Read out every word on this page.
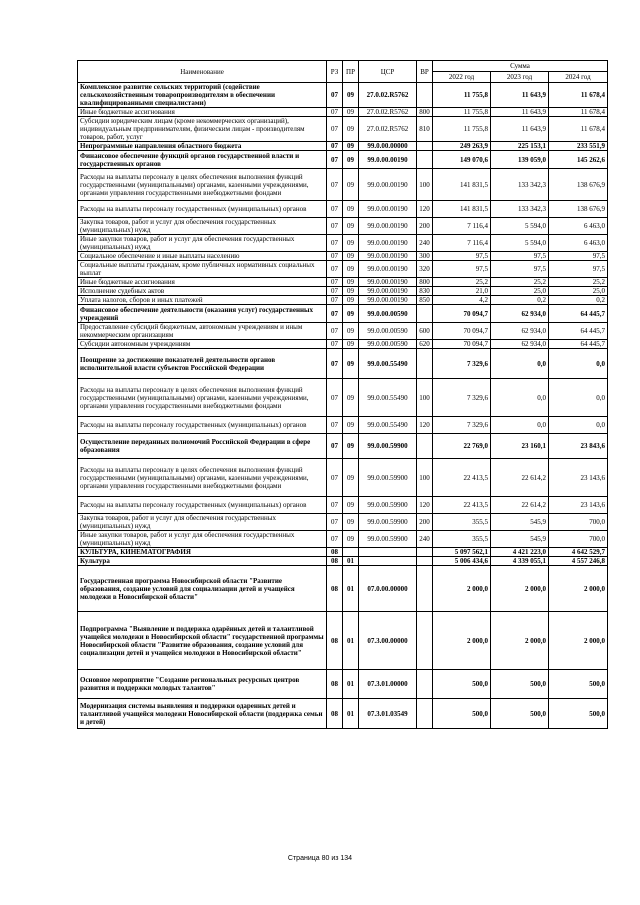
Наименование	РЗ	ПР	ЦСР	ВР	Сумма		
					2022 год	2023 год	2024 год
Комплексное развитие сельских территорий (содействие сельскохозяйственным товаропроизводителям в обеспечении квалифицированными специалистами)	07	09	27.0.02.R5762		11 755,8	11 643,9	11 678,4
Иные бюджетные ассигнования	07	09	27.0.02.R5762	800	11 755,8	11 643,9	11 678,4
Субсидии юридическим лицам (кроме некоммерческих организаций), индивидуальным предпринимателям, физическим лицам - производителям товаров, работ, услуг	07	09	27.0.02.R5762	810	11 755,8	11 643,9	11 678,4
Непрограммные направления областного бюджета	07	09	99.0.00.00000		249 263,9	225 153,1	233 551,9
Финансовое обеспечение функций органов государственной власти и государственных органов	07	09	99.0.00.00190		149 070,6	139 059,0	145 262,6
Расходы на выплаты персоналу в целях обеспечения выполнения функций государственными (муниципальными) органами, казенными учреждениями, органами управления государственными внебюджетными фондами	07	09	99.0.00.00190	100	141 831,5	133 342,3	138 676,9
Расходы на выплаты персоналу государственных (муниципальных) органов	07	09	99.0.00.00190	120	141 831,5	133 342,3	138 676,9
Закупка товаров, работ и услуг для обеспечения государственных (муниципальных) нужд	07	09	99.0.00.00190	200	7 116,4	5 594,0	6 463,0
Иные закупки товаров, работ и услуг для обеспечения государственных (муниципальных) нужд	07	09	99.0.00.00190	240	7 116,4	5 594,0	6 463,0
Социальное обеспечение и иные выплаты населению	07	09	99.0.00.00190	300	97,5	97,5	97,5
Социальные выплаты гражданам, кроме публичных нормативных социальных выплат	07	09	99.0.00.00190	320	97,5	97,5	97,5
Иные бюджетные ассигнования	07	09	99.0.00.00190	800	25,2	25,2	25,2
Исполнение судебных актов	07	09	99.0.00.00190	830	21,0	25,0	25,0
Уплата налогов, сборов и иных платежей	07	09	99.0.00.00190	850	4,2	0,2	0,2
Финансовое обеспечение деятельности (оказания услуг) государственных учреждений	07	09	99.0.00.00590		70 094,7	62 934,0	64 445,7
Предоставление субсидий бюджетным, автономным учреждениям и иным некоммерческим организациям	07	09	99.0.00.00590	600	70 094,7	62 934,0	64 445,7
Субсидии автономным учреждениям	07	09	99.0.00.00590	620	70 094,7	62 934,0	64 445,7
Поощрение за достижение показателей деятельности органов исполнительной власти субъектов Российской Федерации	07	09	99.0.00.55490		7 329,6	0,0	0,0
Расходы на выплаты персоналу в целях обеспечения выполнения функций государственными (муниципальными) органами, казенными учреждениями, органами управления государственными внебюджетными фондами	07	09	99.0.00.55490	100	7 329,6	0,0	0,0
Расходы на выплаты персоналу государственных (муниципальных) органов	07	09	99.0.00.55490	120	7 329,6	0,0	0,0
Осуществление переданных полномочий Российской Федерации в сфере образования	07	09	99.0.00.59900		22 769,0	23 160,1	23 843,6
Расходы на выплаты персоналу в целях обеспечения выполнения функций государственными (муниципальными) органами, казенными учреждениями, органами управления государственными внебюджетными фондами	07	09	99.0.00.59900	100	22 413,5	22 614,2	23 143,6
Расходы на выплаты персоналу государственных (муниципальных) органов	07	09	99.0.00.59900	120	22 413,5	22 614,2	23 143,6
Закупка товаров, работ и услуг для обеспечения государственных (муниципальных) нужд	07	09	99.0.00.59900	200	355,5	545,9	700,0
Иные закупки товаров, работ и услуг для обеспечения государственных (муниципальных) нужд	07	09	99.0.00.59900	240	355,5	545,9	700,0
КУЛЬТУРА, КИНЕМАТОГРАФИЯ	08				5 097 562,1	4 421 223,0	4 642 529,7
Культура	08	01			5 006 434,6	4 339 055,1	4 557 246,8
Государственная программа Новосибирской области "Развитие образования, создание условий для социализации детей и учащейся молодежи в Новосибирской области"	08	01	07.0.00.00000		2 000,0	2 000,0	2 000,0
Подпрограмма "Выявление и поддержка одарённых детей и талантливой учащейся молодежи в Новосибирской области" государственной программы Новосибирской области "Развитие образования, создание условий для социализации детей и учащейся молодежи в Новосибирской области"	08	01	07.3.00.00000		2 000,0	2 000,0	2 000,0
Основное мероприятие "Создание региональных ресурсных центров развития и поддержки молодых талантов"	08	01	07.3.01.00000		500,0	500,0	500,0
Модернизация системы выявления и поддержки одаренных детей и талантливой учащейся молодежи Новосибирской области (поддержка семьи и детей)	08	01	07.3.01.03549		500,0	500,0	500,0
Страница 80 из 134
